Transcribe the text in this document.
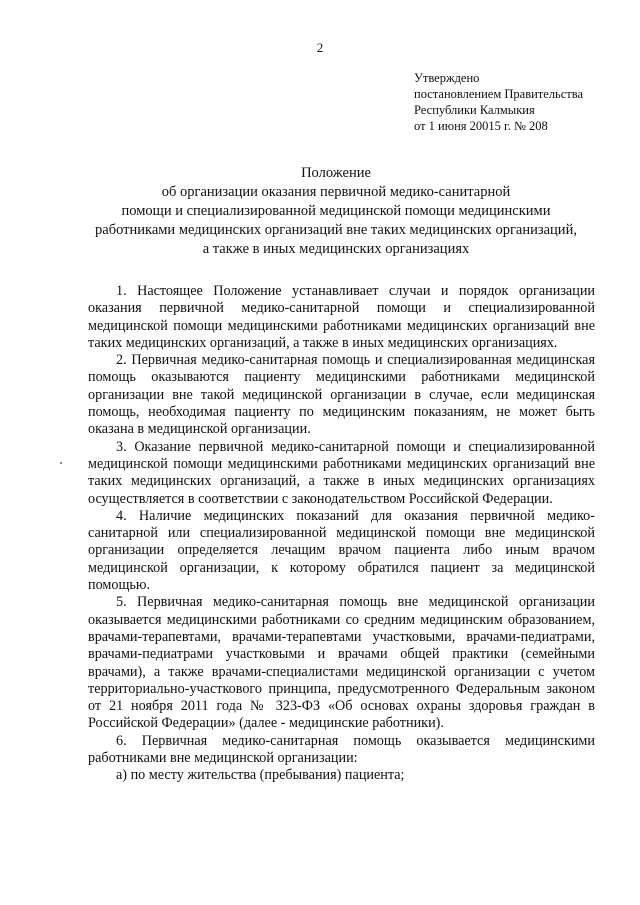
2
Утверждено
постановлением Правительства
Республики Калмыкия
от 1 июня 20015 г. № 208
Положение
об организации оказания первичной медико-санитарной
помощи и специализированной медицинской помощи медицинскими
работниками медицинских организаций вне таких медицинских организаций,
а также в иных медицинских организациях

1. Настоящее Положение устанавливает случаи и порядок организации оказания первичной медико-санитарной помощи и специализированной медицинской помощи медицинскими работниками медицинских организаций вне таких медицинских организаций, а также в иных медицинских организациях.

2. Первичная медико-санитарная помощь и специализированная медицинская помощь оказываются пациенту медицинскими работниками медицинской организации вне такой медицинской организации в случае, если медицинская помощь, необходимая пациенту по медицинским показаниям, не может быть оказана в медицинской организации.

3. Оказание первичной медико-санитарной помощи и специализированной медицинской помощи медицинскими работниками медицинских организаций вне таких медицинских организаций, а также в иных медицинских организациях осуществляется в соответствии с законодательством Российской Федерации.

4. Наличие медицинских показаний для оказания первичной медико-санитарной или специализированной медицинской помощи вне медицинской организации определяется лечащим врачом пациента либо иным врачом медицинской организации, к которому обратился пациент за медицинской помощью.

5. Первичная медико-санитарная помощь вне медицинской организации оказывается медицинскими работниками со средним медицинским образованием, врачами-терапевтами, врачами-терапевтами участковыми, врачами-педиатрами, врачами-педиатрами участковыми и врачами общей практики (семейными врачами), а также врачами-специалистами медицинской организации с учетом территориально-участкового принципа, предусмотренного Федеральным законом от 21 ноября 2011 года № 323-ФЗ «Об основах охраны здоровья граждан в Российской Федерации» (далее - медицинские работники).

6. Первичная медико-санитарная помощь оказывается медицинскими работниками вне медицинской организации:

а) по месту жительства (пребывания) пациента;
